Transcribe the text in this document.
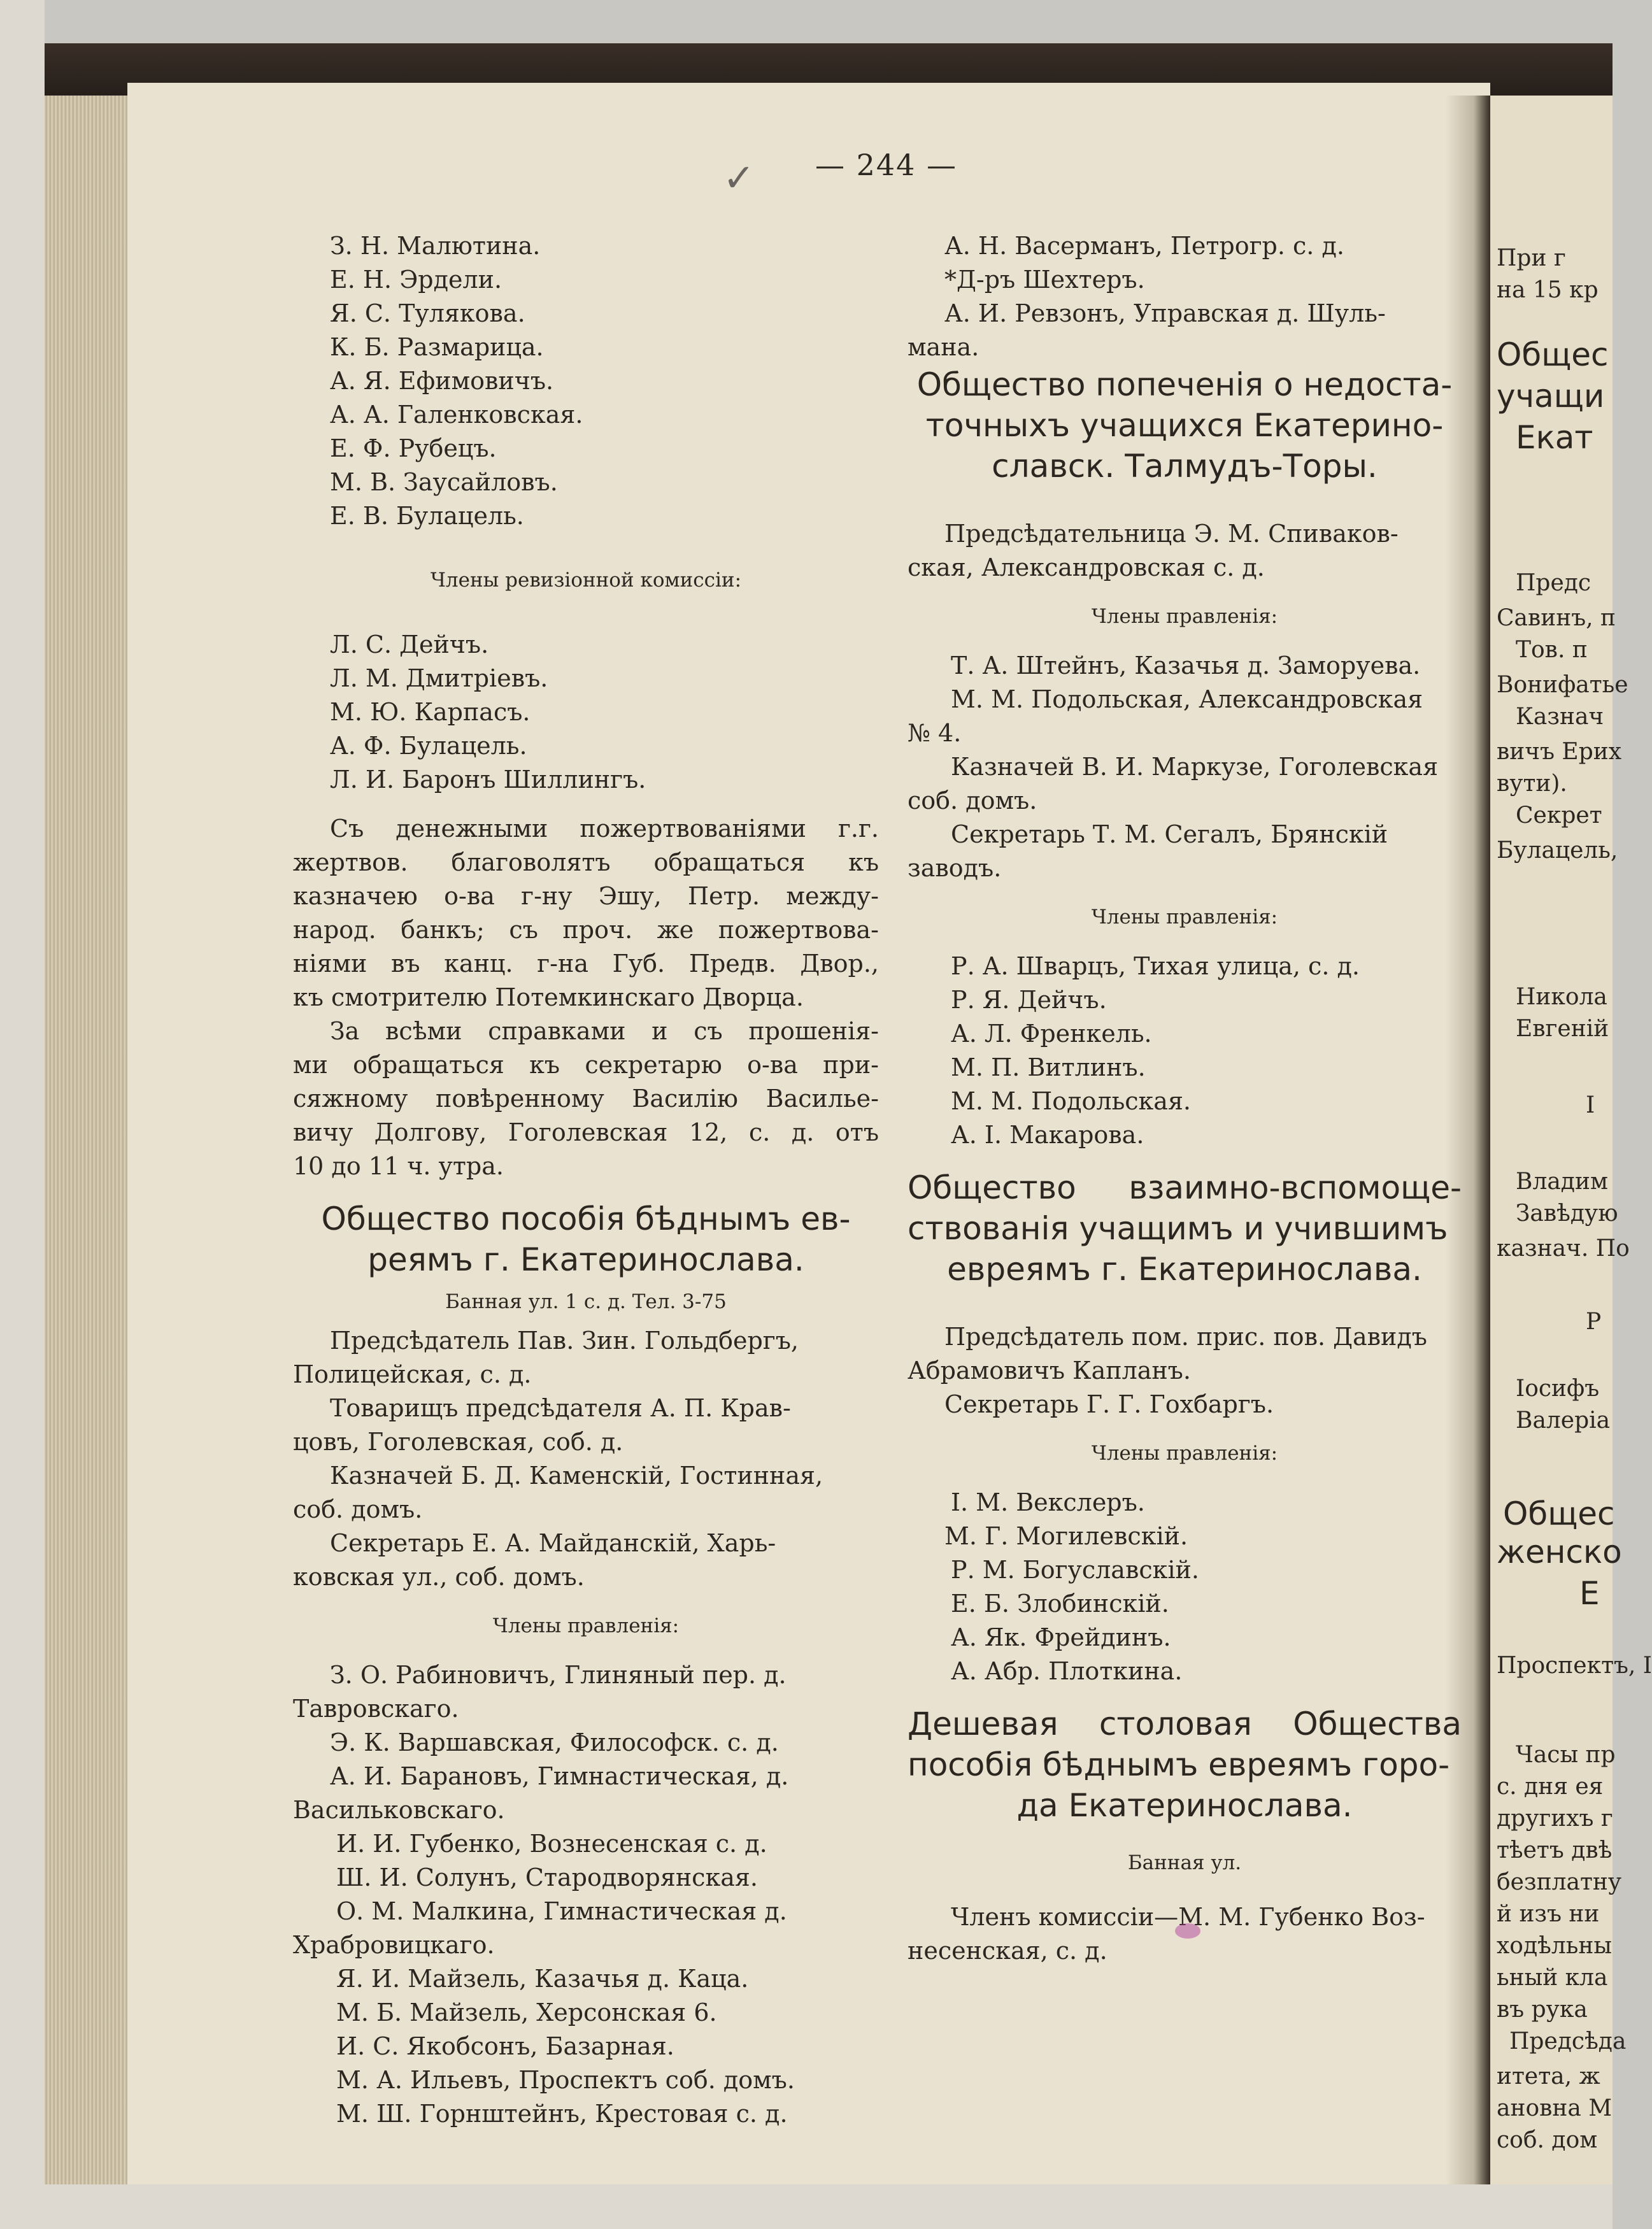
✓ — 244 —
З. Н. Малютина.
Е. Н. Эрдели.
Я. С. Тулякова.
К. Б. Размарица.
А. Я. Ефимовичъ.
А. А. Галенковская.
Е. Ф. Рубецъ.
М. В. Заусайловъ.
Е. В. Булацель.
Члены ревизіонной комиссіи:
Л. С. Дейчъ.
Л. М. Дмитріевъ.
М. Ю. Карпасъ.
А. Ф. Булацель.
Л. И. Баронъ Шиллингъ.
Съ денежными пожертвованіями г.г.
жертвов. благоволятъ обращаться къ
казначею о-ва г-ну Эшу, Петр. между-
народ. банкъ; съ проч. же пожертвова-
ніями въ канц. г-на Губ. Предв. Двор.,
къ смотрителю Потемкинскаго Дворца.
За всѣми справками и съ прошенія-
ми обращаться къ секретарю о-ва при-
сяжному повѣренному Василію Василье-
вичу Долгову, Гоголевская 12, с. д. отъ
10 до 11 ч. утра.
Общество пособія бѣднымъ ев-
реямъ г. Екатеринослава.
Банная ул. 1 с. д. Тел. 3-75
Предсѣдатель Пав. Зин. Гольдбергъ,
Полицейская, с. д.
Товарищъ предсѣдателя А. П. Крав-
цовъ, Гоголевская, соб. д.
Казначей Б. Д. Каменскій, Гостинная,
соб. домъ.
Секретарь Е. А. Майданскій, Харь-
ковская ул., соб. домъ.
Члены правленія:
З. О. Рабиновичъ, Глиняный пер. д.
Тавровскаго.
Э. К. Варшавская, Философск. с. д.
А. И. Барановъ, Гимнастическая, д.
Васильковскаго.
И. И. Губенко, Вознесенская с. д.
Ш. И. Солунъ, Стародворянская.
О. М. Малкина, Гимнастическая д.
Храбровицкаго.
Я. И. Майзель, Казачья д. Каца.
М. Б. Майзель, Херсонская 6.
И. С. Якобсонъ, Базарная.
М. А. Ильевъ, Проспектъ соб. домъ.
М. Ш. Горнштейнъ, Крестовая с. д.
А. Н. Васерманъ, Петрогр. с. д.
*Д-ръ Шехтеръ.
А. И. Ревзонъ, Управская д. Шуль-
мана.
Общество попеченія о недоста-
точныхъ учащихся Екатерино-
славск. Талмудъ-Торы.
Предсѣдательница Э. М. Спиваков-
ская, Александровская с. д.
Члены правленія:
Т. А. Штейнъ, Казачья д. Заморуева.
М. М. Подольская, Александровская
№ 4.
Казначей В. И. Маркузе, Гоголевская
соб. домъ.
Секретарь Т. М. Сегалъ, Брянскій
заводъ.
Члены правленія:
Р. А. Шварцъ, Тихая улица, с. д.
Р. Я. Дейчъ.
А. Л. Френкель.
М. П. Витлинъ.
М. М. Подольская.
А. І. Макарова.
Общество взаимно-вспомоще-
ствованія учащимъ и учившимъ
евреямъ г. Екатеринослава.
Предсѣдатель пом. прис. пов. Давидъ
Абрамовичъ Капланъ.
Секретарь Г. Г. Гохбаргъ.
Члены правленія:
І. М. Векслеръ.
М. Г. Могилевскій.
Р. М. Богуславскій.
Е. Б. Злобинскій.
А. Як. Фрейдинъ.
А. Абр. Плоткина.
Дешевая столовая Общества
пособія бѣднымъ евреямъ горо-
да Екатеринослава.
Банная ул.
Членъ комиссіи—М. М. Губенко Воз-
несенская, с. д.
При г
на 15 кр
Общес
учащи
Екат
Предс
Савинъ, п
Тов. п
Вонифатье
Казнач
вичъ Ерих
вути).
Секрет
Булацель,
Никола
Евгеній
І
Владим
Завѣдую
казнач. По
Р
Іосифъ
Валеріа
Общес
женско
Е
Проспектъ, І
Часы пр
с. дня ея
другихъ г
тѣетъ двѣ
безплатну
й изъ ни
ходѣльны
ьный кла
въ рука
Предсѣда
итета, ж
ановна М
соб. дом
